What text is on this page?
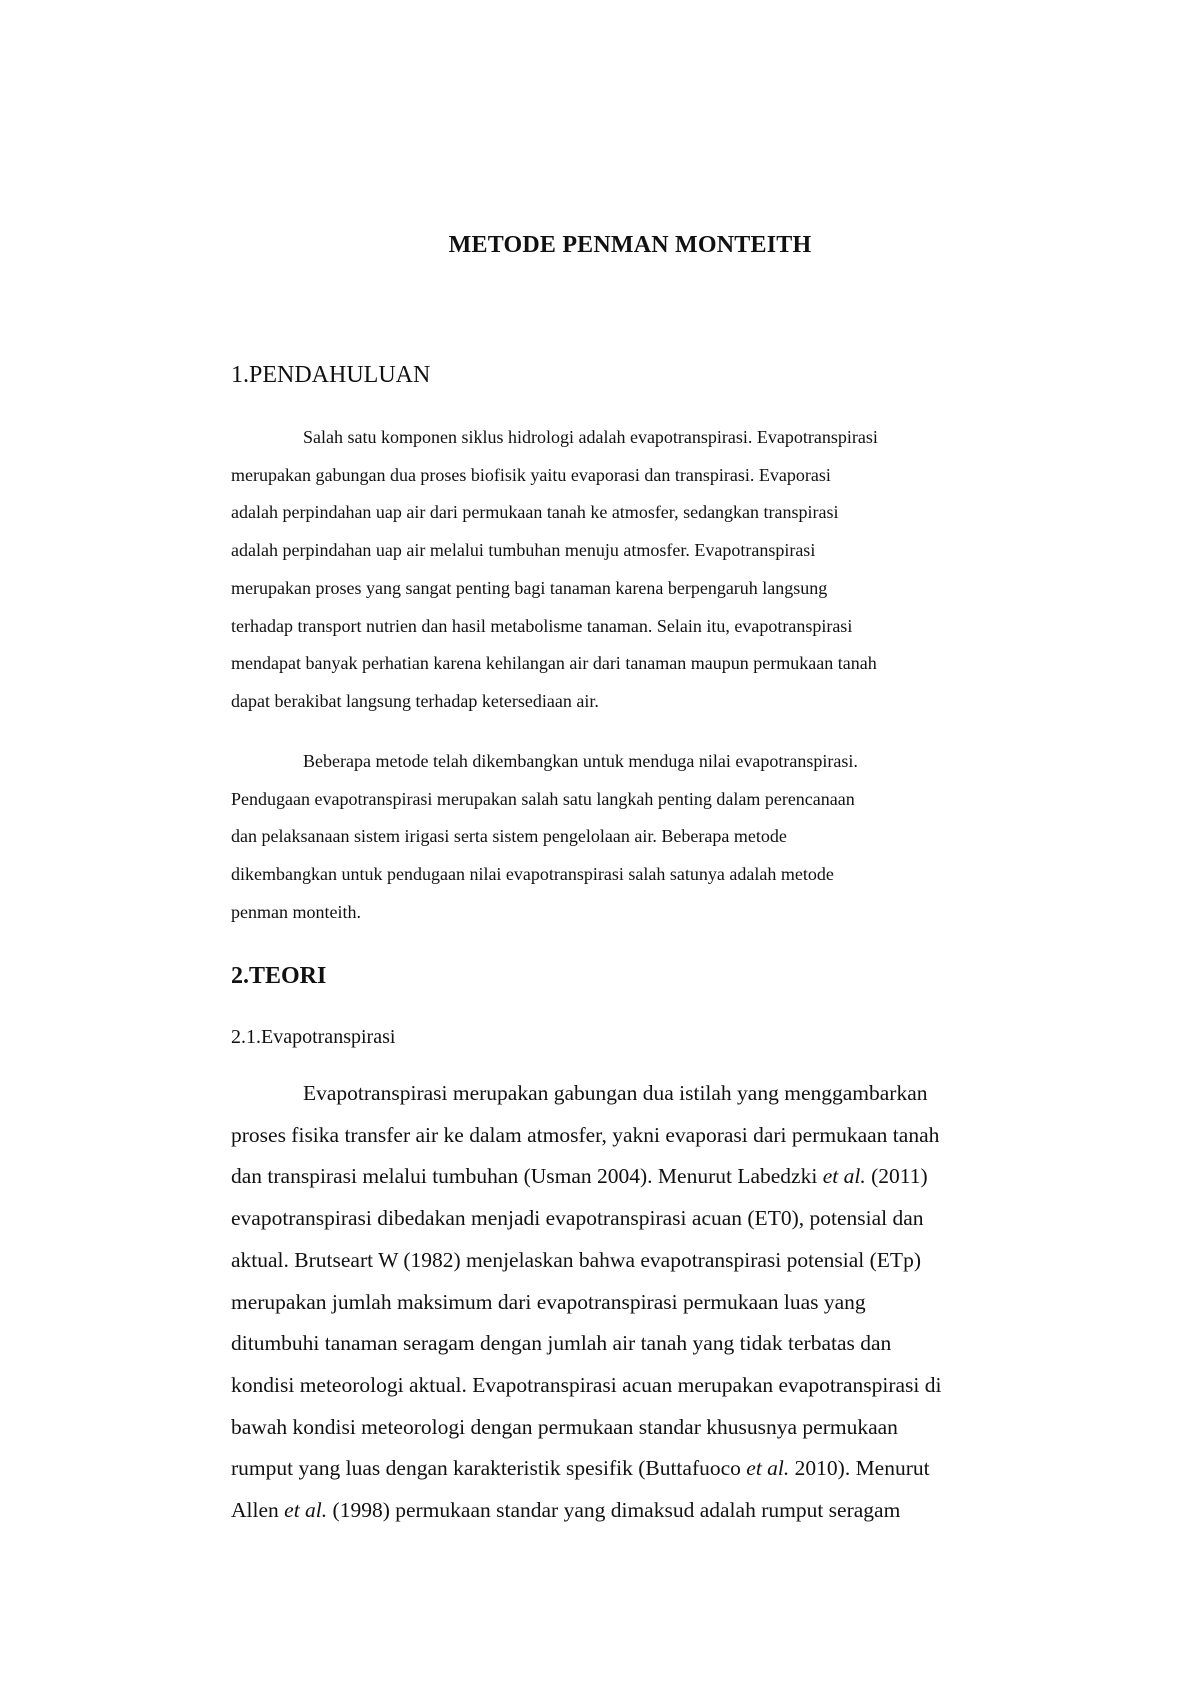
METODE PENMAN MONTEITH
1.PENDAHULUAN

Salah satu komponen siklus hidrologi adalah evapotranspirasi. Evapotranspirasi
merupakan gabungan dua proses biofisik yaitu evaporasi dan transpirasi. Evaporasi
adalah perpindahan uap air dari permukaan tanah ke atmosfer, sedangkan transpirasi
adalah perpindahan uap air melalui tumbuhan menuju atmosfer. Evapotranspirasi
merupakan proses yang sangat penting bagi tanaman karena berpengaruh langsung
terhadap transport nutrien dan hasil metabolisme tanaman. Selain itu, evapotranspirasi
mendapat banyak perhatian karena kehilangan air dari tanaman maupun permukaan tanah
dapat berakibat langsung terhadap ketersediaan air.

Beberapa metode telah dikembangkan untuk menduga nilai evapotranspirasi.
Pendugaan evapotranspirasi merupakan salah satu langkah penting dalam perencanaan
dan pelaksanaan sistem irigasi serta sistem pengelolaan air. Beberapa metode
dikembangkan untuk pendugaan nilai evapotranspirasi salah satunya adalah metode
penman monteith.

2.TEORI
2.1.Evapotranspirasi

Evapotranspirasi merupakan gabungan dua istilah yang menggambarkan
proses fisika transfer air ke dalam atmosfer, yakni evaporasi dari permukaan tanah
dan transpirasi melalui tumbuhan (Usman 2004). Menurut Labedzki et al. (2011)
evapotranspirasi dibedakan menjadi evapotranspirasi acuan (ET0), potensial dan
aktual. Brutseart W (1982) menjelaskan bahwa evapotranspirasi potensial (ETp)
merupakan jumlah maksimum dari evapotranspirasi permukaan luas yang
ditumbuhi tanaman seragam dengan jumlah air tanah yang tidak terbatas dan
kondisi meteorologi aktual. Evapotranspirasi acuan merupakan evapotranspirasi di
bawah kondisi meteorologi dengan permukaan standar khususnya permukaan
rumput yang luas dengan karakteristik spesifik (Buttafuoco et al. 2010). Menurut
Allen et al. (1998) permukaan standar yang dimaksud adalah rumput seragam
